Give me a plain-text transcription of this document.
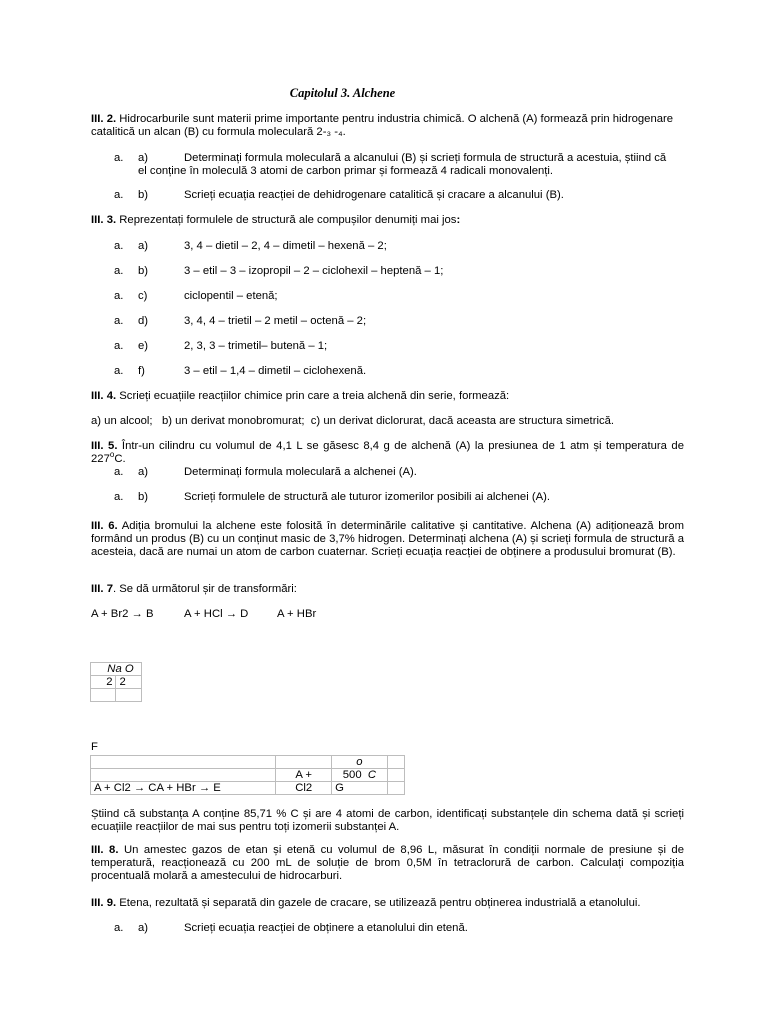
Capitolul 3. Alchene
III. 2. Hidrocarburile sunt materii prime importante pentru industria chimică. O alchenă (A) formează prin hidrogenare catalitică un alcan (B) cu formula moleculară 2-₃ -₄.
a. a)	Determinați formula moleculară a alcanului (B) și scrieți formula de structură a acestuia, știind că
el conține în moleculă 3 atomi de carbon primar și formează 4 radicali monovalenți.
a. b)	Scrieți ecuația reacției de dehidrogenare catalitică și cracare a alcanului (B).
III. 3. Reprezentați formulele de structură ale compușilor denumiți mai jos:
a. a)	3, 4 – dietil – 2, 4 – dimetil – hexenă – 2;
a. b)	3 – etil – 3 – izopropil – 2 – ciclohexil – heptenă – 1;
a. c)	ciclopentil – etenă;
a. d)	3, 4, 4 – trietil – 2 metil – octenă – 2;
a. e)	2, 3, 3 – trimetil– butenă – 1;
a. f)	3 – etil – 1,4 – dimetil – ciclohexenă.
III. 4. Scrieți ecuațiile reacțiilor chimice prin care a treia alchenă din serie, formează:
a) un alcool;   b) un derivat monobromurat;  c) un derivat diclorurat, dacă aceasta are structura simetrică.
III. 5. Într-un cilindru cu volumul de 4,1 L se găsesc 8,4 g de alchenă (A) la presiunea de 1 atm și temperatura de 227$^o$C.
a. a)	Determinați formula moleculară a alchenei (A).
a. b)	Scrieți formulele de structură ale tuturor izomerilor posibili ai alchenei (A).
III. 6. Adiția bromului la alchene este folosită în determinările calitative și cantitative. Alchena (A) adiționează brom formând un produs (B) cu un conținut masic de 3,7% hidrogen. Determinați alchena (A) și scrieți formula de structură a acesteia, dacă are numai un atom de carbon cuaternar. Scrieți ecuația reacției de obținere a produsului bromurat (B).
III. 7. Se dă următorul șir de transformări:
A + Br2 → B	A + HCl → D	A + HBr
Na O	
2	2

F
		o	
	A +	500 C	
A + Cl2 → CA + HBr → E	Cl2	G	
Știind că substanța A conține 85,71 % C și are 4 atomi de carbon, identificați substanțele din schema dată și scrieți ecuațiile reacțiilor de mai sus pentru toți izomerii substanței A.
III. 8. Un amestec gazos de etan și etenă cu volumul de 8,96 L, măsurat în condiții normale de presiune și de temperatură, reacționează cu 200 mL de soluție de brom 0,5M în tetraclorură de carbon. Calculați compoziția procentuală molară a amestecului de hidrocarburi.
III. 9. Etena, rezultată și separată din gazele de cracare, se utilizează pentru obținerea industrială a etanolului.
a. a)	Scrieți ecuația reacției de obținere a etanolului din etenă.
